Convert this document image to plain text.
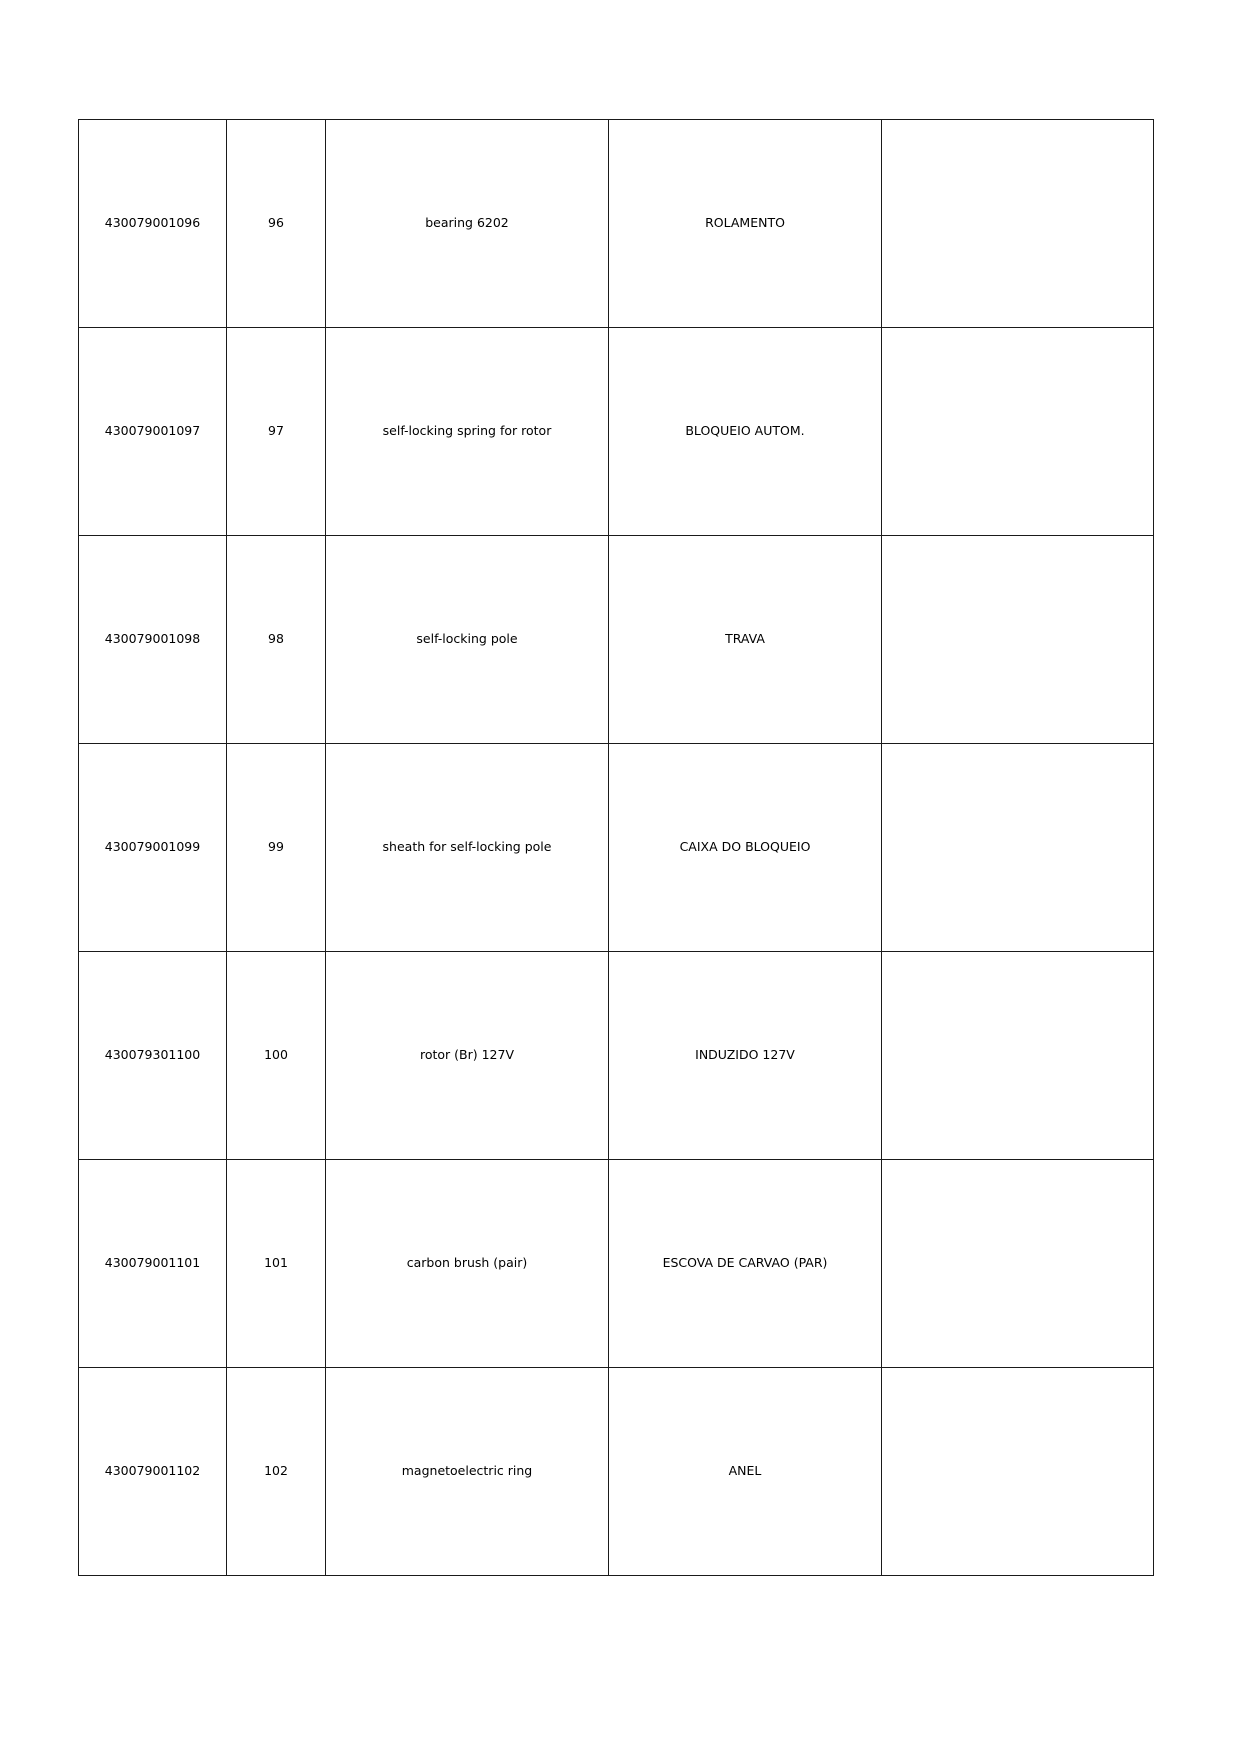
430079001096	96	bearing 6202	ROLAMENTO	
430079001097	97	self-locking spring for rotor	BLOQUEIO AUTOM.	
430079001098	98	self-locking pole	TRAVA	
430079001099	99	sheath for self-locking pole	CAIXA DO BLOQUEIO	
430079301100	100	rotor (Br) 127V	INDUZIDO 127V	
430079001101	101	carbon brush (pair)	ESCOVA DE CARVAO (PAR)	
430079001102	102	magnetoelectric ring	ANEL	
